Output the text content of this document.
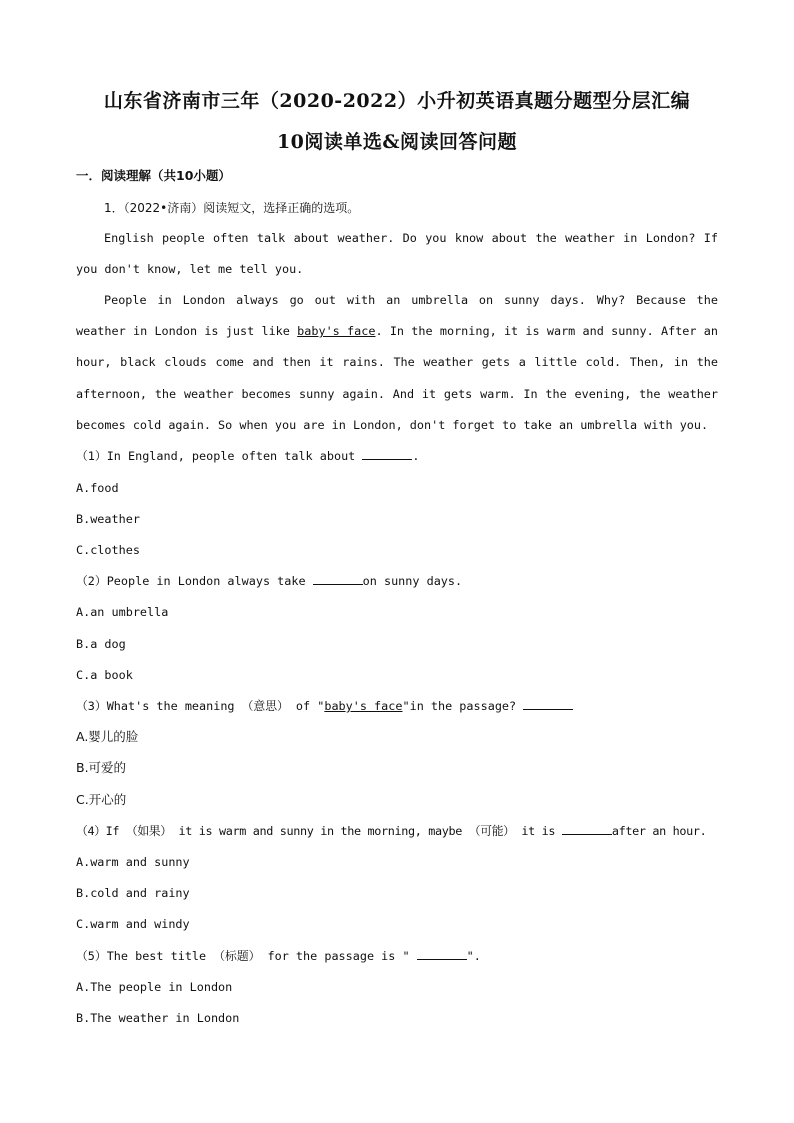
山东省济南市三年（2020-2022）小升初英语真题分题型分层汇编
10阅读单选&阅读回答问题
一．阅读理解（共10小题）
1．（2022•济南）阅读短文，选择正确的选项。
English people often talk about weather. Do you know about the weather in London? If you don't know, let me tell you.
People in London always go out with an umbrella on sunny days. Why? Because the weather in London is just like baby's face. In the morning, it is warm and sunny. After an hour, black clouds come and then it rains. The weather gets a little cold. Then, in the afternoon, the weather becomes sunny again. And it gets warm. In the evening, the weather becomes cold again. So when you are in London, don't forget to take an umbrella with you.
（1）In England, people often talk about	.
A.food
B.weather
C.clothes
（2）People in London always take	on sunny days.
A.an umbrella
B.a dog
C.a book
（3）What's the meaning （意思） of "baby's face"in the passage?
A.婴儿的脸
B.可爱的
C.开心的
（4）If （如果） it is warm and sunny in the morning, maybe （可能） it is	after an hour.
A.warm and sunny
B.cold and rainy
C.warm and windy
（5）The best title （标题） for the passage is "	".
A.The people in London
B.The weather in London
